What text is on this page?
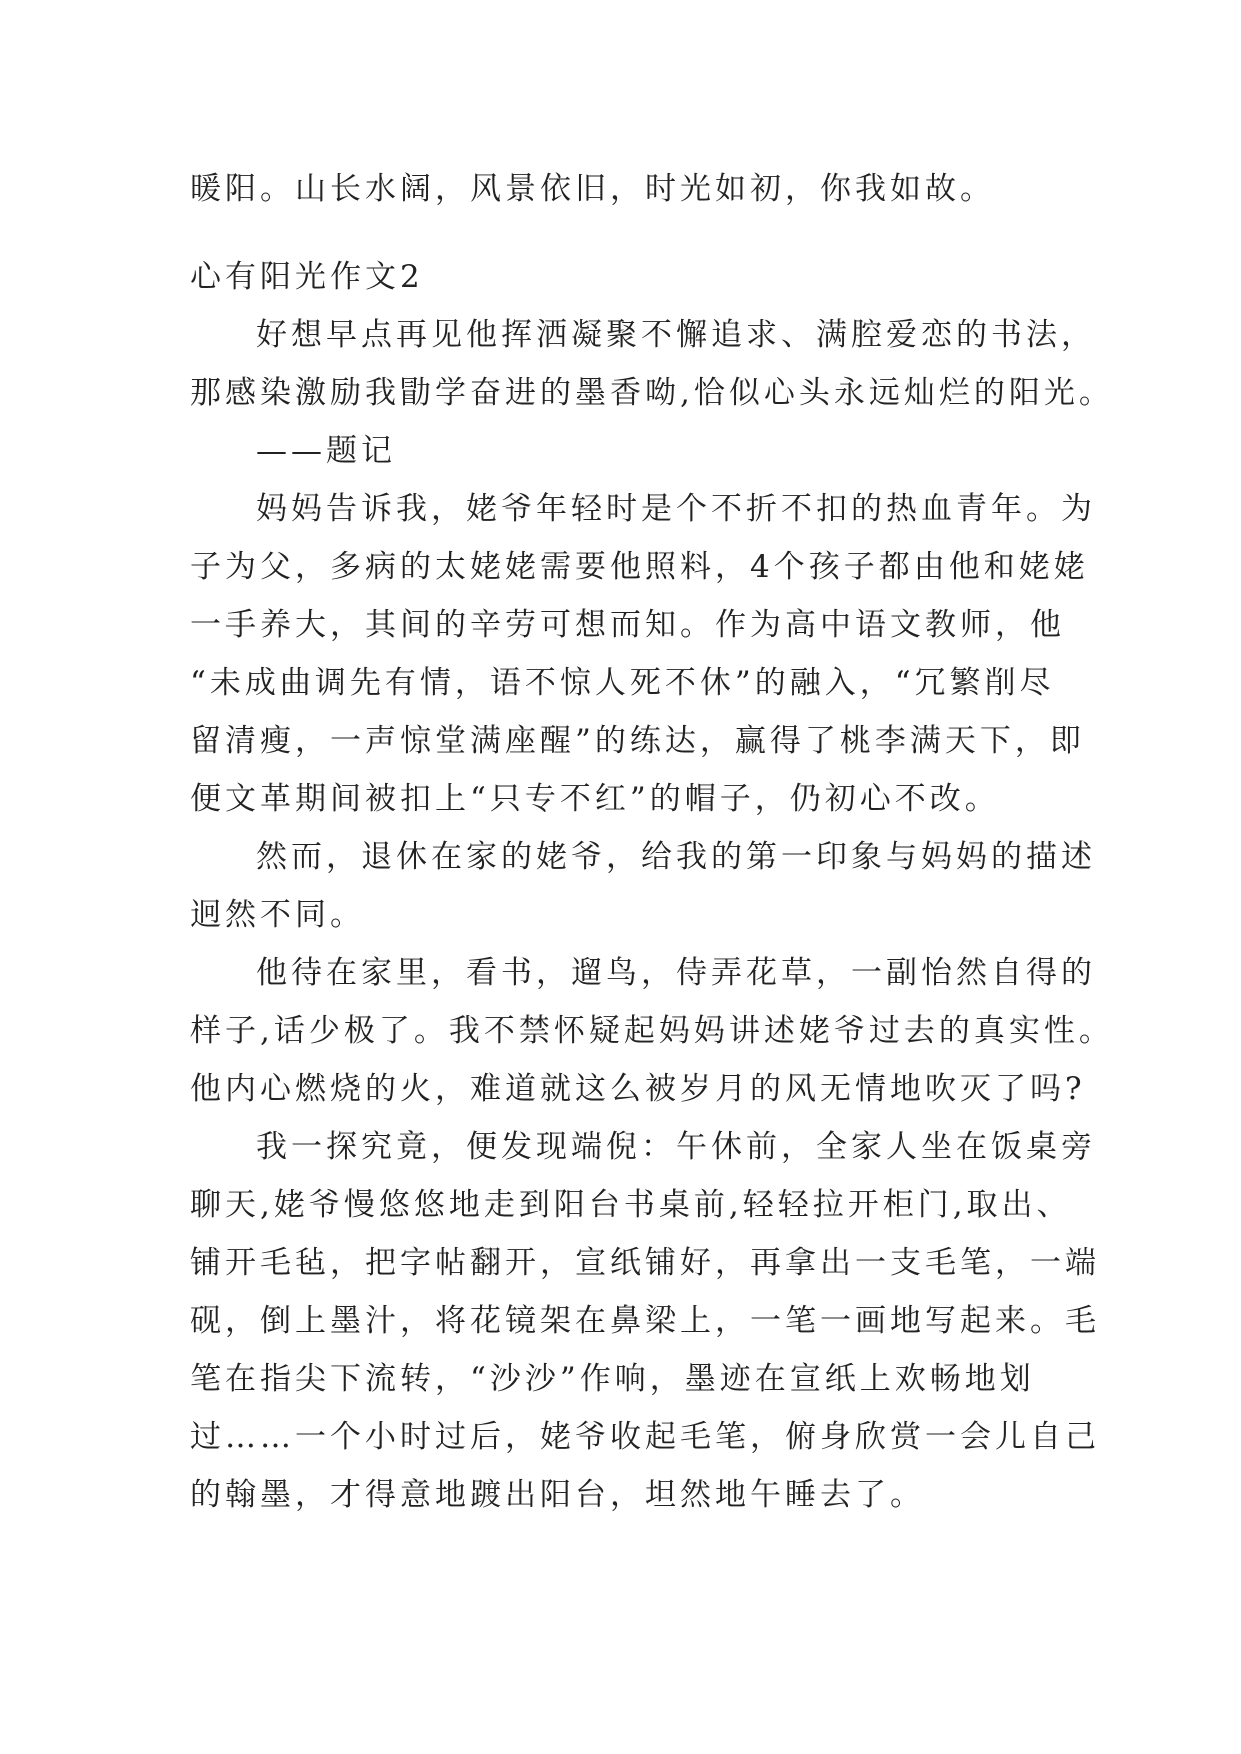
暖阳。山长水阔，风景依旧，时光如初，你我如故。
心有阳光作文2
好想早点再见他挥洒凝聚不懈追求、满腔爱恋的书法，
那感染激励我勖学奋进的墨香呦,恰似心头永远灿烂的阳光。
——题记
妈妈告诉我，姥爷年轻时是个不折不扣的热血青年。为
子为父，多病的太姥姥需要他照料，4个孩子都由他和姥姥
一手养大，其间的辛劳可想而知。作为高中语文教师，他
“未成曲调先有情，语不惊人死不休”的融入，“冗繁削尽
留清瘦，一声惊堂满座醒”的练达，赢得了桃李满天下，即
便文革期间被扣上“只专不红”的帽子，仍初心不改。
然而，退休在家的姥爷，给我的第一印象与妈妈的描述
迥然不同。
他待在家里，看书，遛鸟，侍弄花草，一副怡然自得的
样子,话少极了。我不禁怀疑起妈妈讲述姥爷过去的真实性。
他内心燃烧的火，难道就这么被岁月的风无情地吹灭了吗?
我一探究竟，便发现端倪：午休前，全家人坐在饭桌旁
聊天,姥爷慢悠悠地走到阳台书桌前,轻轻拉开柜门,取出、
铺开毛毡，把字帖翻开，宣纸铺好，再拿出一支毛笔，一端
砚，倒上墨汁，将花镜架在鼻梁上，一笔一画地写起来。毛
笔在指尖下流转，“沙沙”作响，墨迹在宣纸上欢畅地划
过……一个小时过后，姥爷收起毛笔，俯身欣赏一会儿自己
的翰墨，才得意地踱出阳台，坦然地午睡去了。
